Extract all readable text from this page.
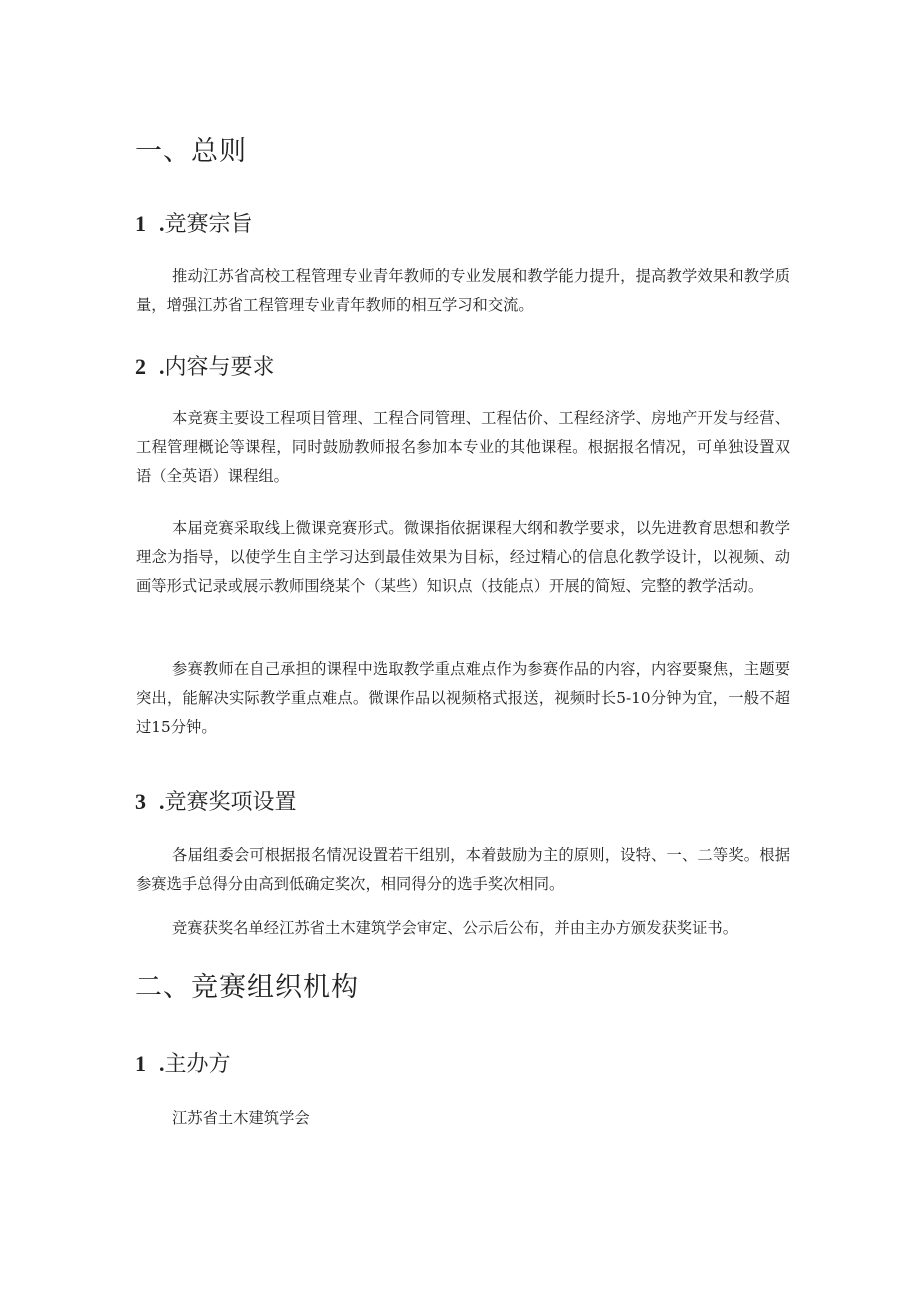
一、总则
1 .竞赛宗旨
推动江苏省高校工程管理专业青年教师的专业发展和教学能力提升，提高教学效果和教学质量，增强江苏省工程管理专业青年教师的相互学习和交流。
2 .内容与要求
本竞赛主要设工程项目管理、工程合同管理、工程估价、工程经济学、房地产开发与经营、工程管理概论等课程，同时鼓励教师报名参加本专业的其他课程。根据报名情况，可单独设置双语（全英语）课程组。
本届竞赛采取线上微课竞赛形式。微课指依据课程大纲和教学要求，以先进教育思想和教学理念为指导，以使学生自主学习达到最佳效果为目标，经过精心的信息化教学设计，以视频、动画等形式记录或展示教师围绕某个（某些）知识点（技能点）开展的简短、完整的教学活动。
参赛教师在自己承担的课程中选取教学重点难点作为参赛作品的内容，内容要聚焦，主题要突出，能解决实际教学重点难点。微课作品以视频格式报送，视频时长5-10分钟为宜，一般不超过15分钟。
3 .竞赛奖项设置
各届组委会可根据报名情况设置若干组别，本着鼓励为主的原则，设特、一、二等奖。根据参赛选手总得分由高到低确定奖次，相同得分的选手奖次相同。
竞赛获奖名单经江苏省土木建筑学会审定、公示后公布，并由主办方颁发获奖证书。
二、竞赛组织机构
1 .主办方
江苏省土木建筑学会
